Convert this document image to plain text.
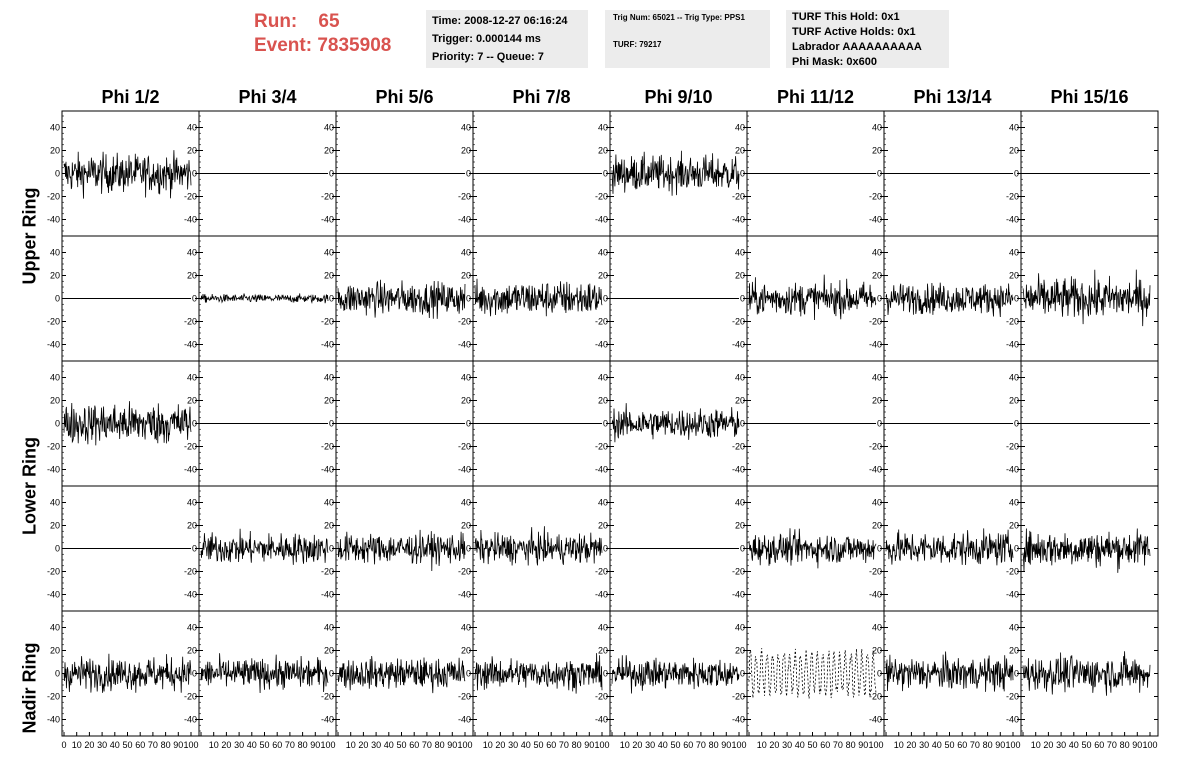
Run: 65
Event: 7835908
Time: 2008-12-27 06:16:24
Trigger: 0.000144 ms
Priority: 7 -- Queue: 7
Trig Num: 65021 -- Trig Type: PPS1
TURF: 79217
TURF This Hold: 0x1
TURF Active Holds: 0x1
Labrador AAAAAAAAAA
Phi Mask: 0x600
Phi 1/2	Phi 3/4	Phi 5/6	Phi 7/8	Phi 9/10	Phi 11/12	Phi 13/14	Phi 15/16
Upper Ring
Lower Ring
Nadir Ring
-40
-20
0
20
40
-40
-20
0
20
40
-40
-20
0
20
40
-40
-20
0
20
40
-40
-20
0
20
40
-40
-20
0
20
40
-40
-20
0
20
40
-40
-20
0
20
40
-40
-20
0
20
40
-40
-20
0
20
40
-40
-20
0
20
40
-40
-20
0
20
40
-40
-20
0
20
40
-40
-20
0
20
40
-40
-20
0
20
40
-40
-20
0
20
40
-40
-20
0
20
40
-40
-20
0
20
40
-40
-20
0
20
40
-40
-20
0
20
40
-40
-20
0
20
40
-40
-20
0
20
40
-40
-20
0
20
40
-40
-20
0
20
40
-40
-20
0
20
40
-40
-20
0
20
40
-40
-20
0
20
40
-40
-20
0
20
40
-40
-20
0
20
40
-40
-20
0
20
40
-40
-20
0
20
40
-40
-20
0
20
40
-40
-20
0
20
40
0 10 20 30 40 50 60 70 80 90 100
-40
-20
0
20
40
10 20 30 40 50 60 70 80 90 100
-40
-20
0
20
40
10 20 30 40 50 60 70 80 90 100
-40
-20
0
20
40
10 20 30 40 50 60 70 80 90 100
-40
-20
0
20
40
10 20 30 40 50 60 70 80 90 100
-40
-20
0
20
40
10 20 30 40 50 60 70 80 90 100
-40
-20
0
20
40
10 20 30 40 50 60 70 80 90 100
-40
-20
0
20
40
10 20 30 40 50 60 70 80 90 100
